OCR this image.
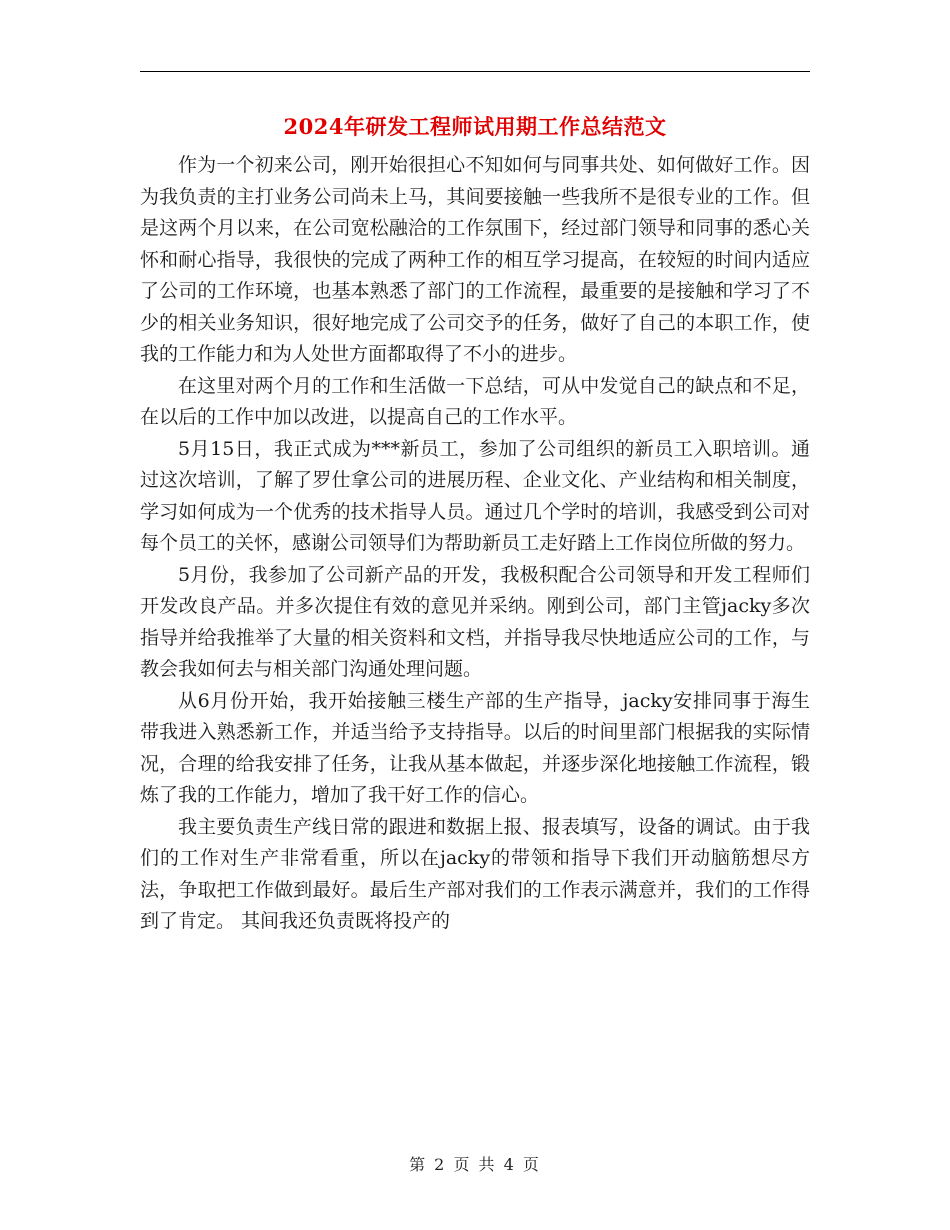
2024年研发工程师试用期工作总结范文

作为一个初来公司，刚开始很担心不知如何与同事共处、如何做好工作。因为我负责的主打业务公司尚未上马，其间要接触一些我所不是很专业的工作。但是这两个月以来，在公司宽松融洽的工作氛围下，经过部门领导和同事的悉心关怀和耐心指导，我很快的完成了两种工作的相互学习提高，在较短的时间内适应了公司的工作环境，也基本熟悉了部门的工作流程，最重要的是接触和学习了不少的相关业务知识，很好地完成了公司交予的任务，做好了自己的本职工作，使我的工作能力和为人处世方面都取得了不小的进步。

在这里对两个月的工作和生活做一下总结，可从中发觉自己的缺点和不足，在以后的工作中加以改进，以提高自己的工作水平。

5月15日，我正式成为***新员工，参加了公司组织的新员工入职培训。通过这次培训，了解了罗仕拿公司的进展历程、企业文化、产业结构和相关制度，学习如何成为一个优秀的技术指导人员。通过几个学时的培训，我感受到公司对每个员工的关怀，感谢公司领导们为帮助新员工走好踏上工作岗位所做的努力。

5月份，我参加了公司新产品的开发，我极积配合公司领导和开发工程师们开发改良产品。并多次提住有效的意见并采纳。刚到公司，部门主管jacky多次指导并给我推举了大量的相关资料和文档，并指导我尽快地适应公司的工作，与教会我如何去与相关部门沟通处理问题。

从6月份开始，我开始接触三楼生产部的生产指导，jacky安排同事于海生带我进入熟悉新工作，并适当给予支持指导。以后的时间里部门根据我的实际情况，合理的给我安排了任务，让我从基本做起，并逐步深化地接触工作流程，锻炼了我的工作能力，增加了我干好工作的信心。

我主要负责生产线日常的跟进和数据上报、报表填写，设备的调试。由于我们的工作对生产非常看重，所以在jacky的带领和指导下我们开动脑筋想尽方法，争取把工作做到最好。最后生产部对我们的工作表示满意并，我们的工作得到了肯定。 其间我还负责既将投产的

第 2 页 共 4 页
